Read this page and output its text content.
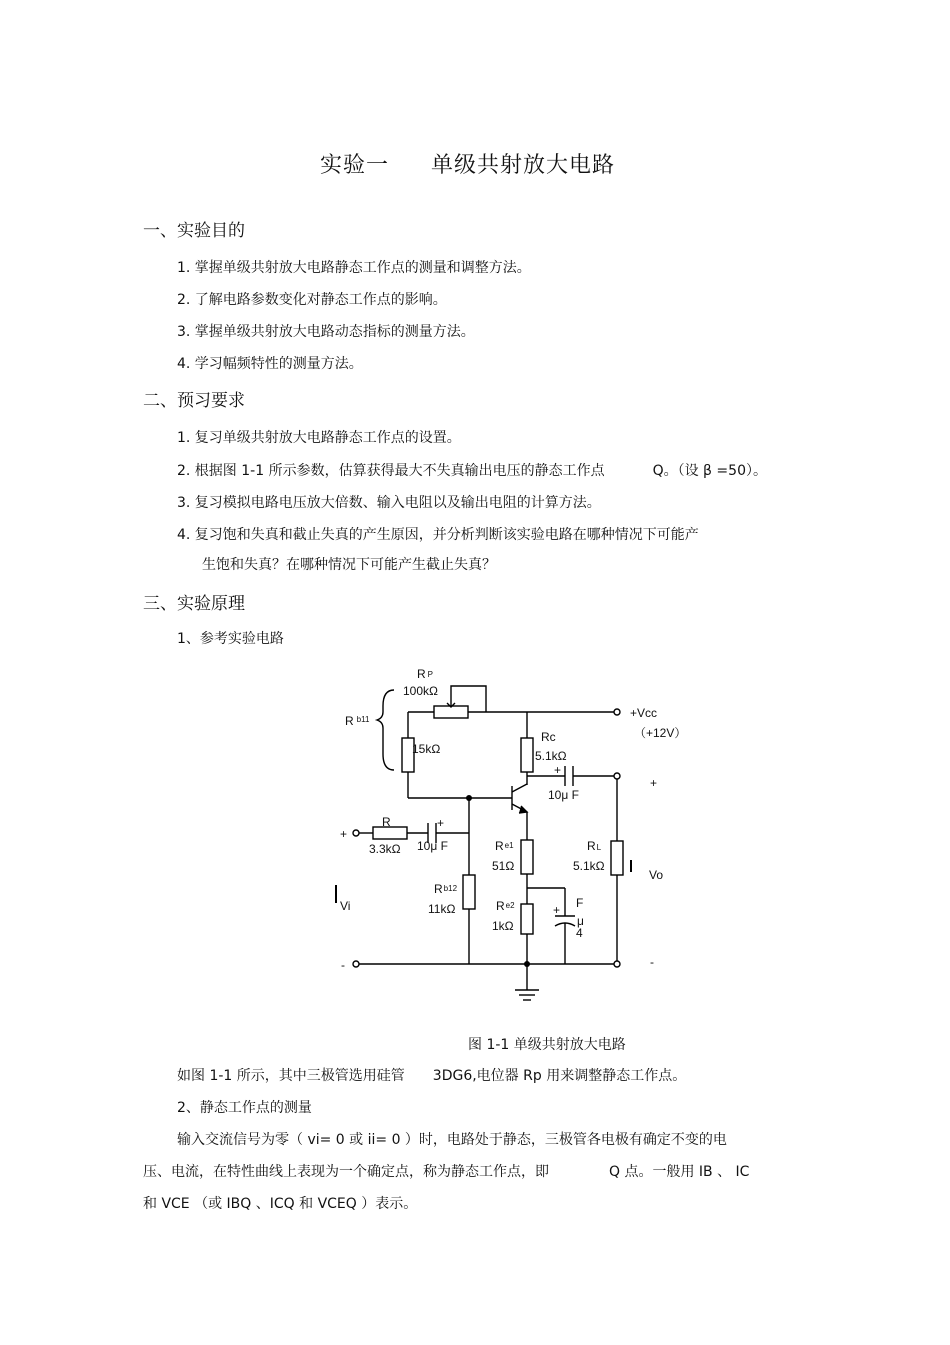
实验一 单级共射放大电路
一、实验目的
1. 掌握单级共射放大电路静态工作点的测量和调整方法。
2. 了解电路参数变化对静态工作点的影响。
3. 掌握单级共射放大电路动态指标的测量方法。
4. 学习幅频特性的测量方法。
二、预习要求
1. 复习单级共射放大电路静态工作点的设置。
2. 根据图 1-1 所示参数，估算获得最大不失真输出电压的静态工作点	Q。（设 β =50）。
3. 复习模拟电路电压放大倍数、输入电阻以及输出电阻的计算方法。
4. 复习饱和失真和截止失真的产生原因，并分析判断该实验电路在哪种情况下可能产
生饱和失真？在哪种情况下可能产生截止失真？
三、实验原理
1、参考实验电路
R P
100kΩ
R $^{b11}$
15kΩ
Rc
5.1kΩ
+Vcc
（+12V）
+
10μ F
+
R
3.3kΩ
+
+
10μ F	Re1
51Ω
RL
5.1kΩ
Vo
Vi
Rb12
11kΩ	Re2
1kΩ
+ F
μ
4
-	-
图 1-1 单级共射放大电路
如图 1-1 所示，其中三极管选用硅管 3DG6,电位器 Rp 用来调整静态工作点。
2、静态工作点的测量
输入交流信号为零（ vi= 0 或 ii= 0 ）时，电路处于静态，三极管各电极有确定不变的电
压、电流，在特性曲线上表现为一个确定点，称为静态工作点，即	Q 点。一般用 IB 、 IC
和 VCE （或 IBQ 、ICQ 和 VCEQ ）表示。
